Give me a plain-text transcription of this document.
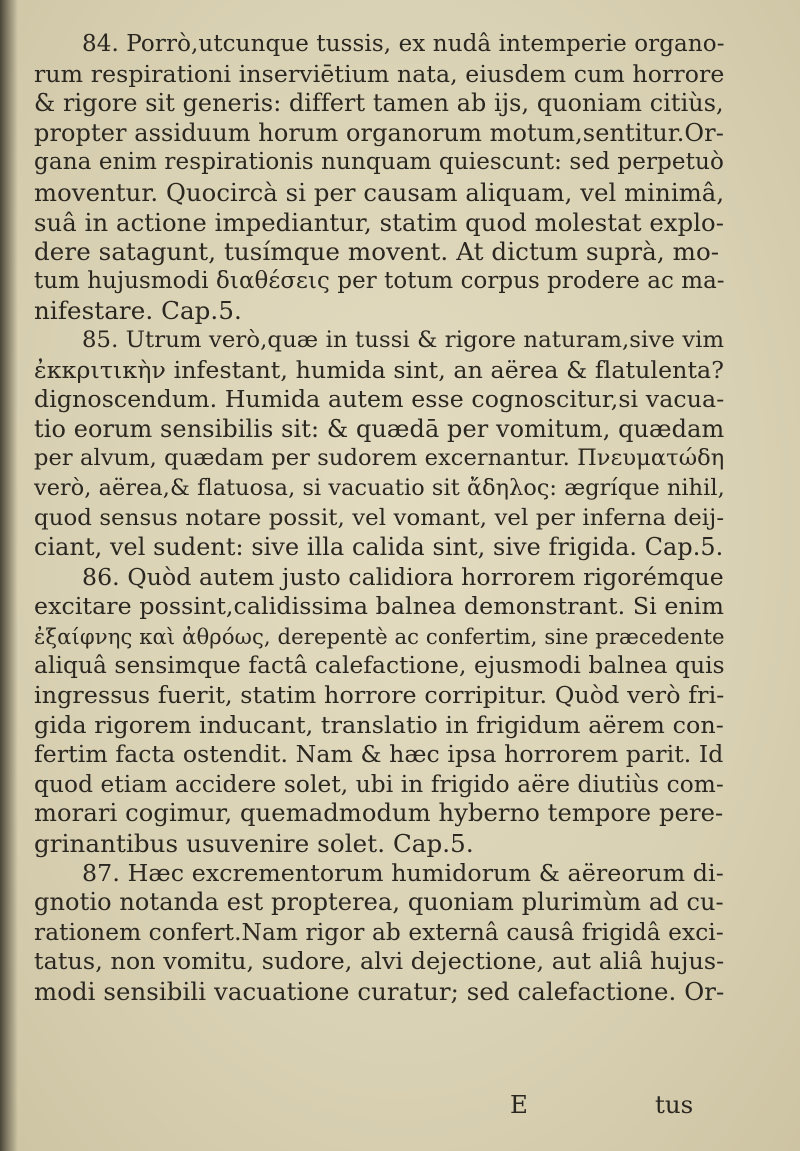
84. Porrò,utcunque tussis, ex nudâ intemperie organo-
rum respirationi inserviētium nata, eiusdem cum horrore
& rigore sit generis: differt tamen ab ijs, quoniam citiùs,
propter assiduum horum organorum motum,sentitur.Or-
gana enim respirationis nunquam quiescunt: sed perpetuò
moventur. Quocircà si per causam aliquam, vel minimâ,
suâ in actione impediantur, statim quod molestat explo-
dere satagunt, tusímque movent. At dictum suprà, mo-
tum hujusmodi διαθέσεις per totum corpus prodere ac ma-
nifestare. Cap.5.
85. Utrum verò,quæ in tussi & rigore naturam,sive vim
ἐκκριτικὴν infestant, humida sint, an aërea & flatulenta?
dignoscendum. Humida autem esse cognoscitur,si vacua-
tio eorum sensibilis sit: & quædā per vomitum, quædam
per alvum, quædam per sudorem excernantur. Πνευματώδη
verò, aërea,& flatuosa, si vacuatio sit ἄδηλος: ægríque nihil,
quod sensus notare possit, vel vomant, vel per inferna deij-
ciant, vel sudent: sive illa calida sint, sive frigida. Cap.5.
86. Quòd autem justo calidiora horrorem rigorémque
excitare possint,calidissima balnea demonstrant. Si enim
ἐξαίφνης καὶ ἀθρόως, derepentè ac confertim, sine præcedente
aliquâ sensimque factâ calefactione, ejusmodi balnea quis
ingressus fuerit, statim horrore corripitur. Quòd verò fri-
gida rigorem inducant, translatio in frigidum aërem con-
fertim facta ostendit. Nam & hæc ipsa horrorem parit. Id
quod etiam accidere solet, ubi in frigido aëre diutiùs com-
morari cogimur, quemadmodum hyberno tempore pere-
grinantibus usuvenire solet. Cap.5.
87. Hæc excrementorum humidorum & aëreorum di-
gnotio notanda est propterea, quoniam plurimùm ad cu-
rationem confert.Nam rigor ab externâ causâ frigidâ exci-
tatus, non vomitu, sudore, alvi dejectione, aut aliâ hujus-
modi sensibili vacuatione curatur; sed calefactione. Or-
E	tus
